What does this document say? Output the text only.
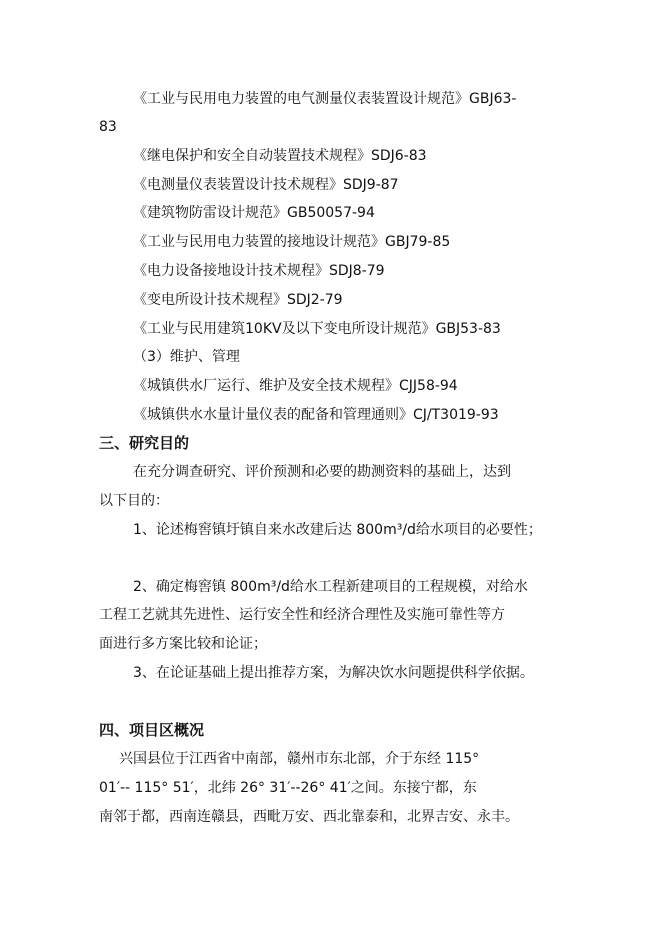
《工业与民用电力装置的电气测量仪表装置设计规范》GBJ63-
83
《继电保护和安全自动装置技术规程》SDJ6-83
《电测量仪表装置设计技术规程》SDJ9-87
《建筑物防雷设计规范》GB50057-94
《工业与民用电力装置的接地设计规范》GBJ79-85
《电力设备接地设计技术规程》SDJ8-79
《变电所设计技术规程》SDJ2-79
《工业与民用建筑10KV及以下变电所设计规范》GBJ53-83
（3）维护、管理
《城镇供水厂运行、维护及安全技术规程》CJJ58-94
《城镇供水水量计量仪表的配备和管理通则》CJ/T3019-93
三、研究目的
在充分调查研究、评价预测和必要的勘测资料的基础上，达到
以下目的：
1、论述梅窖镇圩镇自来水改建后达 800m³/d给水项目的必要性；
2、确定梅窖镇 800m³/d给水工程新建项目的工程规模，对给水
工程工艺就其先进性、运行安全性和经济合理性及实施可靠性等方
面进行多方案比较和论证；
3、在论证基础上提出推荐方案，为解决饮水问题提供科学依据。
四、项目区概况
兴国县位于江西省中南部，赣州市东北部，介于东经 115°
01′-- 115° 51′，北纬 26° 31′--26° 41′之间。东接宁都，东
南邻于都，西南连赣县，西毗万安、西北靠泰和，北界吉安、永丰。
